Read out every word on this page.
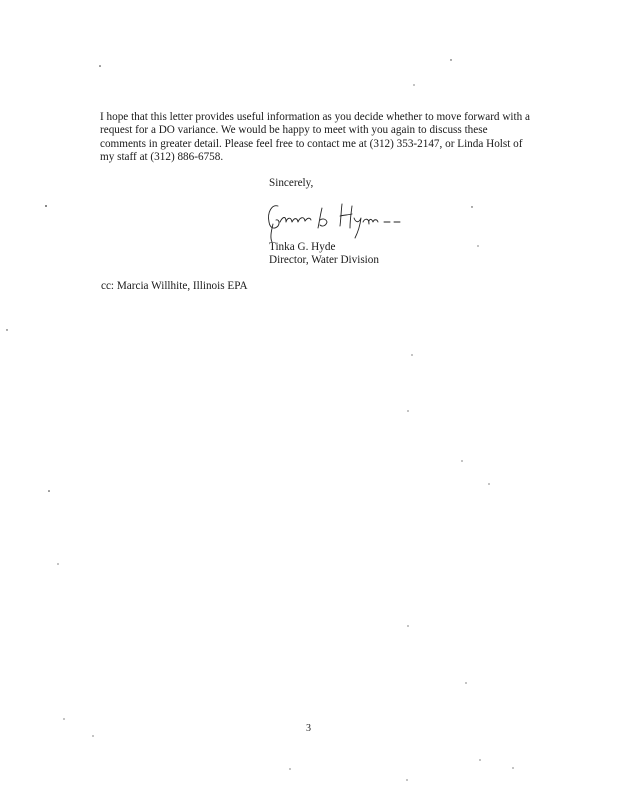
I hope that this letter provides useful information as you decide whether to move forward with a
request for a DO variance. We would be happy to meet with you again to discuss these
comments in greater detail. Please feel free to contact me at (312) 353-2147, or Linda Holst of
my staff at (312) 886-6758.
Sincerely,
Tinka G. Hyde
Director, Water Division
cc: Marcia Willhite, Illinois EPA
3
